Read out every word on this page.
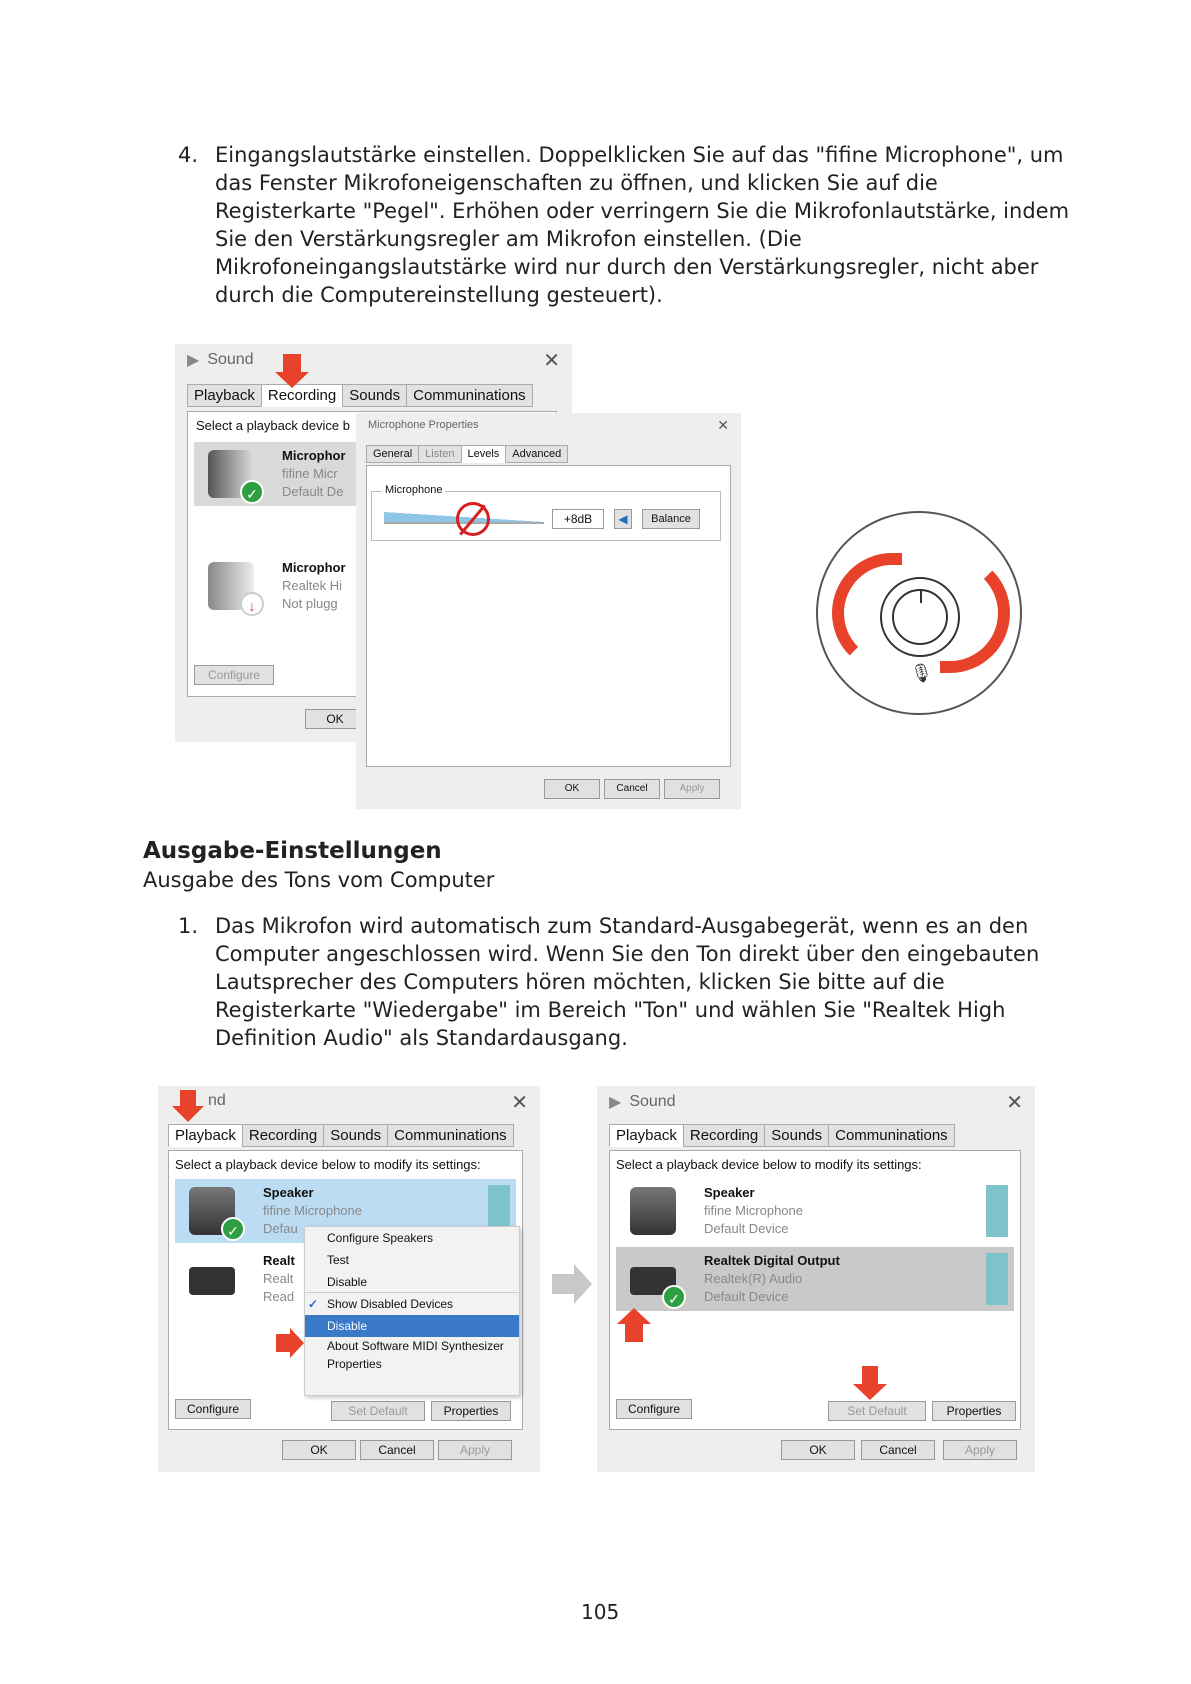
4. Eingangslautstärke einstellen. Doppelklicken Sie auf das "fifine Microphone", um das Fenster Mikrofoneigenschaften zu öffnen, und klicken Sie auf die Registerkarte "Pegel". Erhöhen oder verringern Sie die Mikrofonlautstärke, indem Sie den Verstärkungsregler am Mikrofon einstellen. (Die Mikrofoneingangslautstärke wird nur durch den Verstärkungsregler, nicht aber durch die Computereinstellung gesteuert).
▶ Sound	✕
Playback Recording Sounds Communinations
Select a playback device b
✓
Microphor
fifine Micr
Default De
↓
Microphor
Realtek Hi
Not plugg
Configure
OK
Microphone Properties	✕
General	Listen	Levels	Advanced
Microphone
+8dB	◀	Balance
OK	Cancel	Apply
🎙
Ausgabe-Einstellungen
Ausgabe des Tons vom Computer
1. Das Mikrofon wird automatisch zum Standard-Ausgabegerät, wenn es an den Computer angeschlossen wird. Wenn Sie den Ton direkt über den eingebauten Lautsprecher des Computers hören möchten, klicken Sie bitte auf die Registerkarte "Wiedergabe" im Bereich "Ton" und wählen Sie "Realtek High Definition Audio" als Standardausgang.
nd	✕
Playback Recording Sounds Communinations
Select a playback device below to modify its settings:
✓
Speaker
fifine Microphone
Defau
Realt
Realt
Read
Configure	Set Default	Properties
Configure Speakers
Test
Disable
✓ Show Disabled Devices
Disable
About Software MIDI Synthesizer
Properties
OK	Cancel	Apply
▶ Sound	✕
Playback Recording Sounds Communinations
Select a playback device below to modify its settings:
Speaker
fifine Microphone
Default Device
✓
Realtek Digital Output
Realtek(R) Audio
Default Device
Configure	Set Default	Properties
OK	Cancel	Apply
105
